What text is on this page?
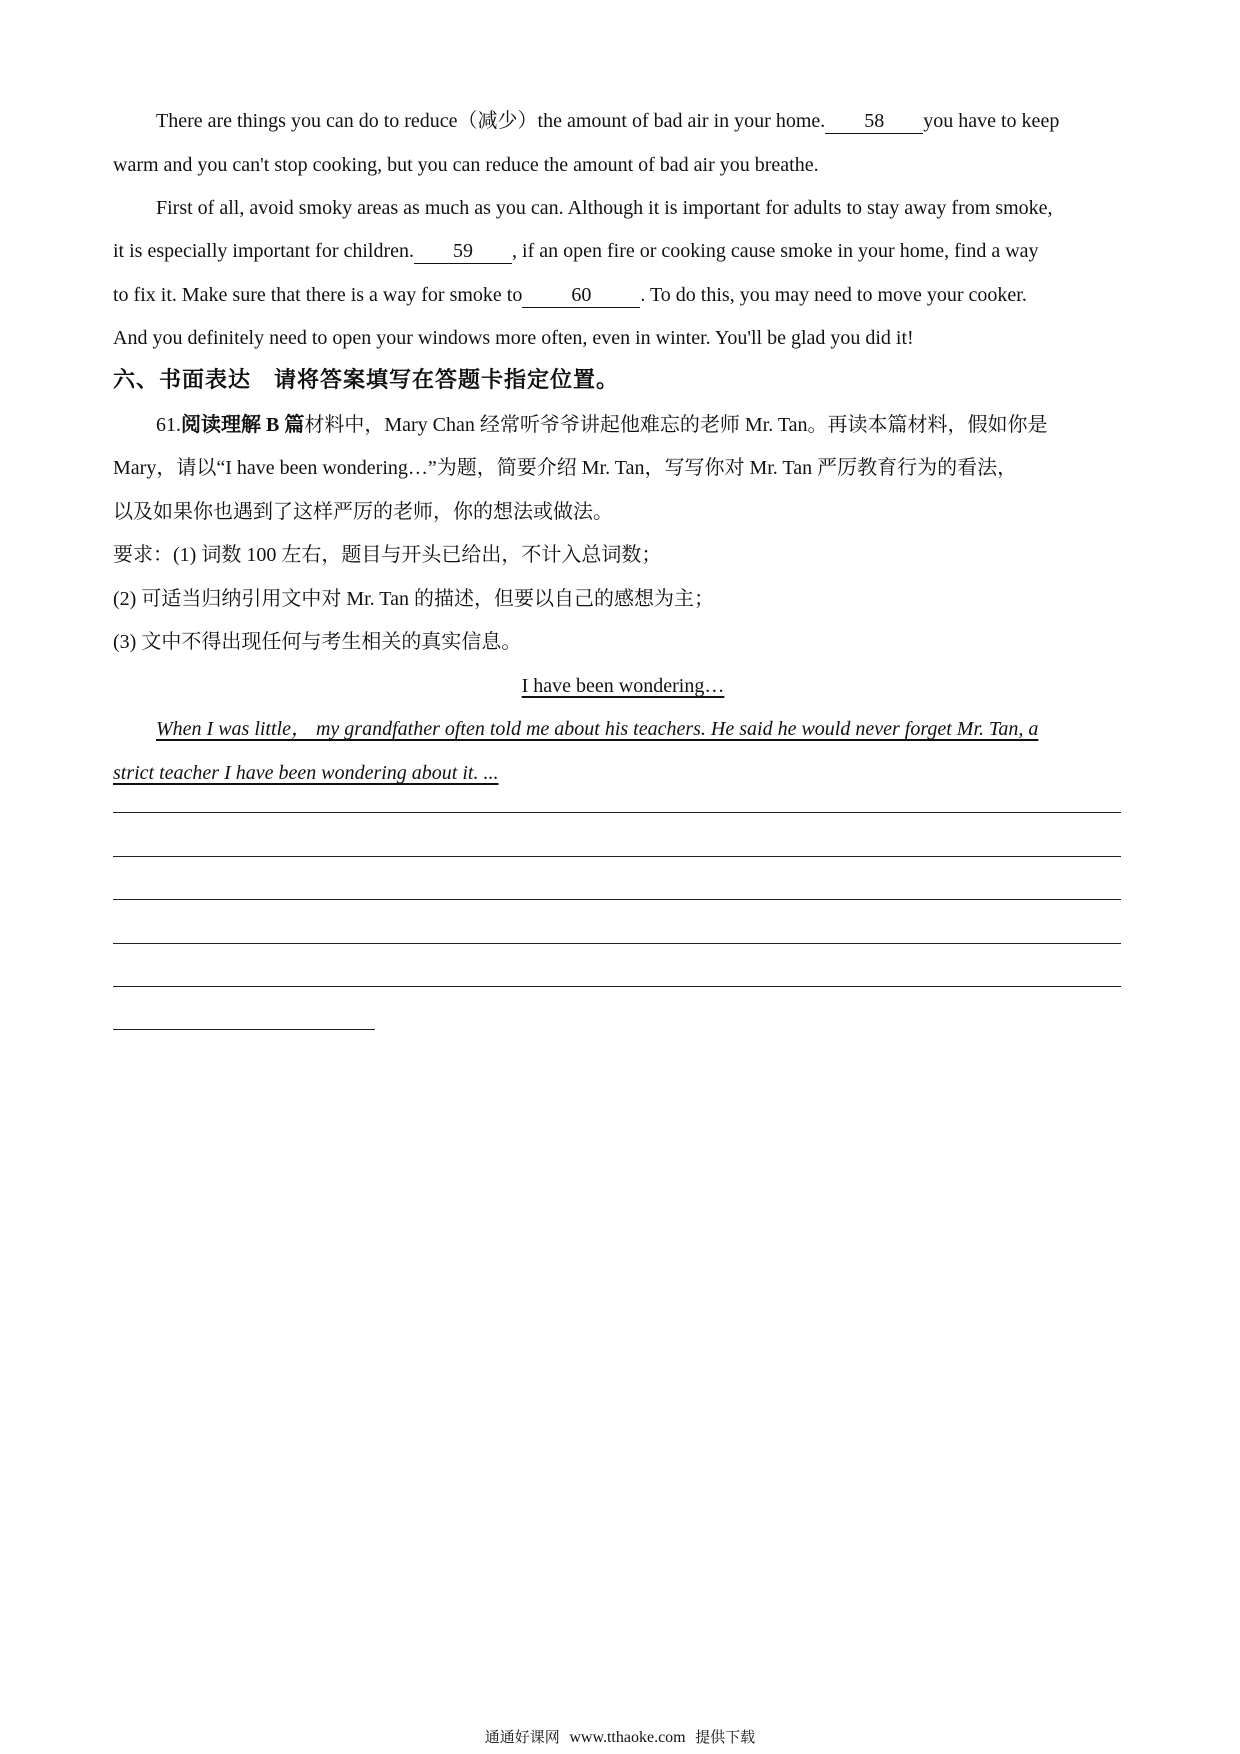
There are things you can do to reduce（减少）the amount of bad air in your home. 58 you have to keep
warm and you can't stop cooking, but you can reduce the amount of bad air you breathe.
First of all, avoid smoky areas as much as you can. Although it is important for adults to stay away from smoke,
it is especially important for children. 59 , if an open fire or cooking cause smoke in your home, find a way
to fix it. Make sure that there is a way for smoke to 60 . To do this, you may need to move your cooker.
And you definitely need to open your windows more often, even in winter. You'll be glad you did it!
六、书面表达　请将答案填写在答题卡指定位置。
61.阅读理解 B 篇材料中，Mary Chan 经常听爷爷讲起他难忘的老师 Mr. Tan。再读本篇材料，假如你是
Mary，请以“I have been wondering…”为题，简要介绍 Mr. Tan，写写你对 Mr. Tan 严厉教育行为的看法，
以及如果你也遇到了这样严厉的老师，你的想法或做法。
要求：(1) 词数 100 左右，题目与开头已给出，不计入总词数；
(2) 可适当归纳引用文中对 Mr. Tan 的描述，但要以自己的感想为主；
(3) 文中不得出现任何与考生相关的真实信息。
I have been wondering…
When I was little， my grandfather often told me about his teachers. He said he would never forget Mr. Tan, a
strict teacher I have been wondering about it. ...
通通好课网 www.tthaoke.com 提供下载
